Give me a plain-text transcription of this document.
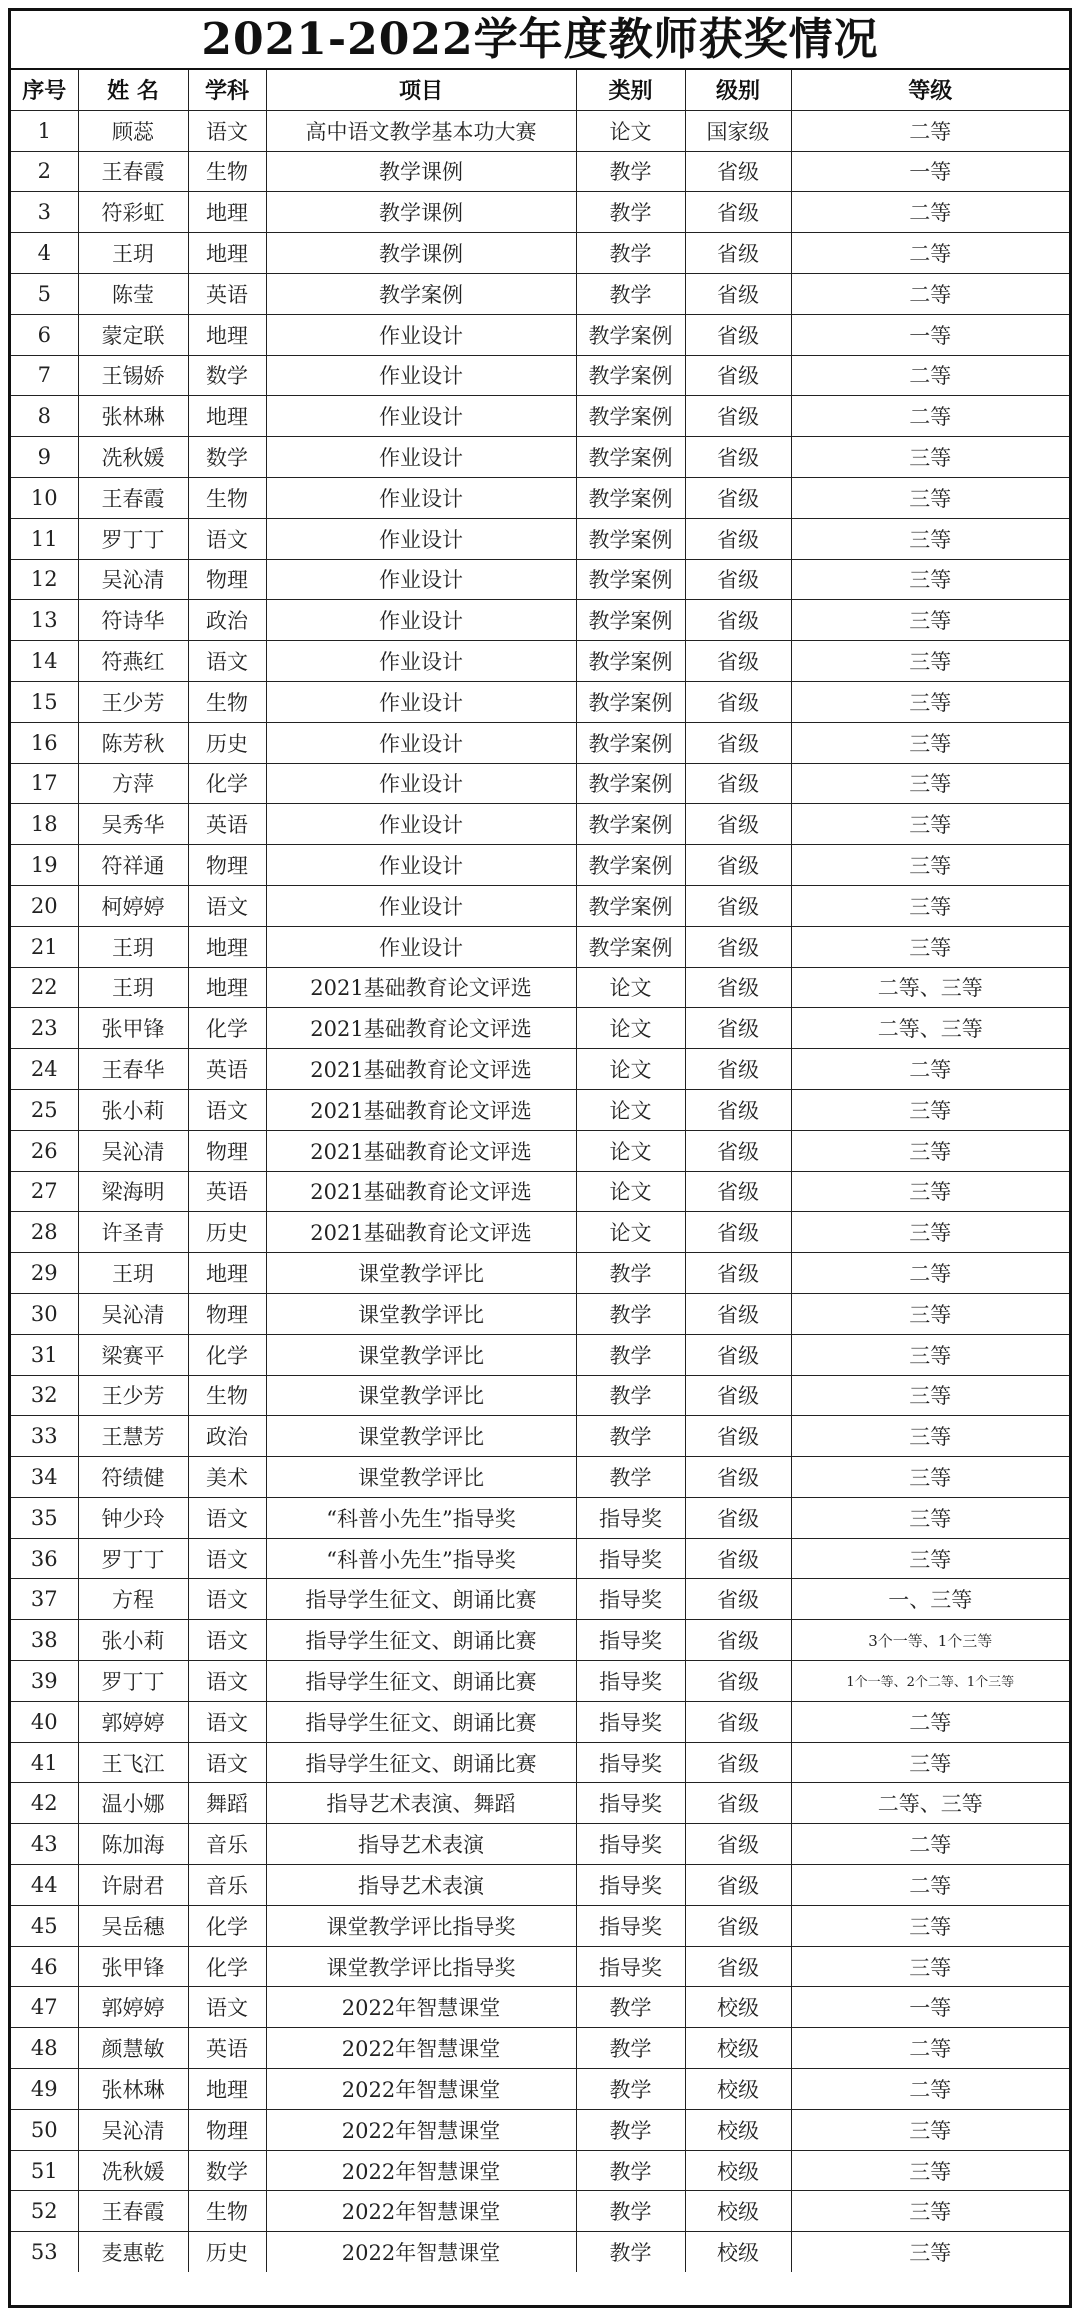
2021-2022学年度教师获奖情况
序号	姓 名	学科	项目	类别	级别	等级
1	顾蕊	语文	高中语文教学基本功大赛	论文	国家级	二等
2	王春霞	生物	教学课例	教学	省级	一等
3	符彩虹	地理	教学课例	教学	省级	二等
4	王玥	地理	教学课例	教学	省级	二等
5	陈莹	英语	教学案例	教学	省级	二等
6	蒙定联	地理	作业设计	教学案例	省级	一等
7	王锡娇	数学	作业设计	教学案例	省级	二等
8	张林琳	地理	作业设计	教学案例	省级	二等
9	冼秋媛	数学	作业设计	教学案例	省级	三等
10	王春霞	生物	作业设计	教学案例	省级	三等
11	罗丁丁	语文	作业设计	教学案例	省级	三等
12	吴沁清	物理	作业设计	教学案例	省级	三等
13	符诗华	政治	作业设计	教学案例	省级	三等
14	符燕红	语文	作业设计	教学案例	省级	三等
15	王少芳	生物	作业设计	教学案例	省级	三等
16	陈芳秋	历史	作业设计	教学案例	省级	三等
17	方萍	化学	作业设计	教学案例	省级	三等
18	吴秀华	英语	作业设计	教学案例	省级	三等
19	符祥通	物理	作业设计	教学案例	省级	三等
20	柯婷婷	语文	作业设计	教学案例	省级	三等
21	王玥	地理	作业设计	教学案例	省级	三等
22	王玥	地理	2021基础教育论文评选	论文	省级	二等、三等
23	张甲锋	化学	2021基础教育论文评选	论文	省级	二等、三等
24	王春华	英语	2021基础教育论文评选	论文	省级	二等
25	张小莉	语文	2021基础教育论文评选	论文	省级	三等
26	吴沁清	物理	2021基础教育论文评选	论文	省级	三等
27	梁海明	英语	2021基础教育论文评选	论文	省级	三等
28	许圣青	历史	2021基础教育论文评选	论文	省级	三等
29	王玥	地理	课堂教学评比	教学	省级	二等
30	吴沁清	物理	课堂教学评比	教学	省级	三等
31	梁赛平	化学	课堂教学评比	教学	省级	三等
32	王少芳	生物	课堂教学评比	教学	省级	三等
33	王慧芳	政治	课堂教学评比	教学	省级	三等
34	符绩健	美术	课堂教学评比	教学	省级	三等
35	钟少玲	语文	“科普小先生”指导奖	指导奖	省级	三等
36	罗丁丁	语文	“科普小先生”指导奖	指导奖	省级	三等
37	方程	语文	指导学生征文、朗诵比赛	指导奖	省级	一、三等
38	张小莉	语文	指导学生征文、朗诵比赛	指导奖	省级	3个一等、1个三等
39	罗丁丁	语文	指导学生征文、朗诵比赛	指导奖	省级	1个一等、2个二等、1个三等
40	郭婷婷	语文	指导学生征文、朗诵比赛	指导奖	省级	二等
41	王飞江	语文	指导学生征文、朗诵比赛	指导奖	省级	三等
42	温小娜	舞蹈	指导艺术表演、舞蹈	指导奖	省级	二等、三等
43	陈加海	音乐	指导艺术表演	指导奖	省级	二等
44	许尉君	音乐	指导艺术表演	指导奖	省级	二等
45	吴岳穗	化学	课堂教学评比指导奖	指导奖	省级	三等
46	张甲锋	化学	课堂教学评比指导奖	指导奖	省级	三等
47	郭婷婷	语文	2022年智慧课堂	教学	校级	一等
48	颜慧敏	英语	2022年智慧课堂	教学	校级	二等
49	张林琳	地理	2022年智慧课堂	教学	校级	二等
50	吴沁清	物理	2022年智慧课堂	教学	校级	三等
51	冼秋媛	数学	2022年智慧课堂	教学	校级	三等
52	王春霞	生物	2022年智慧课堂	教学	校级	三等
53	麦惠乾	历史	2022年智慧课堂	教学	校级	三等
